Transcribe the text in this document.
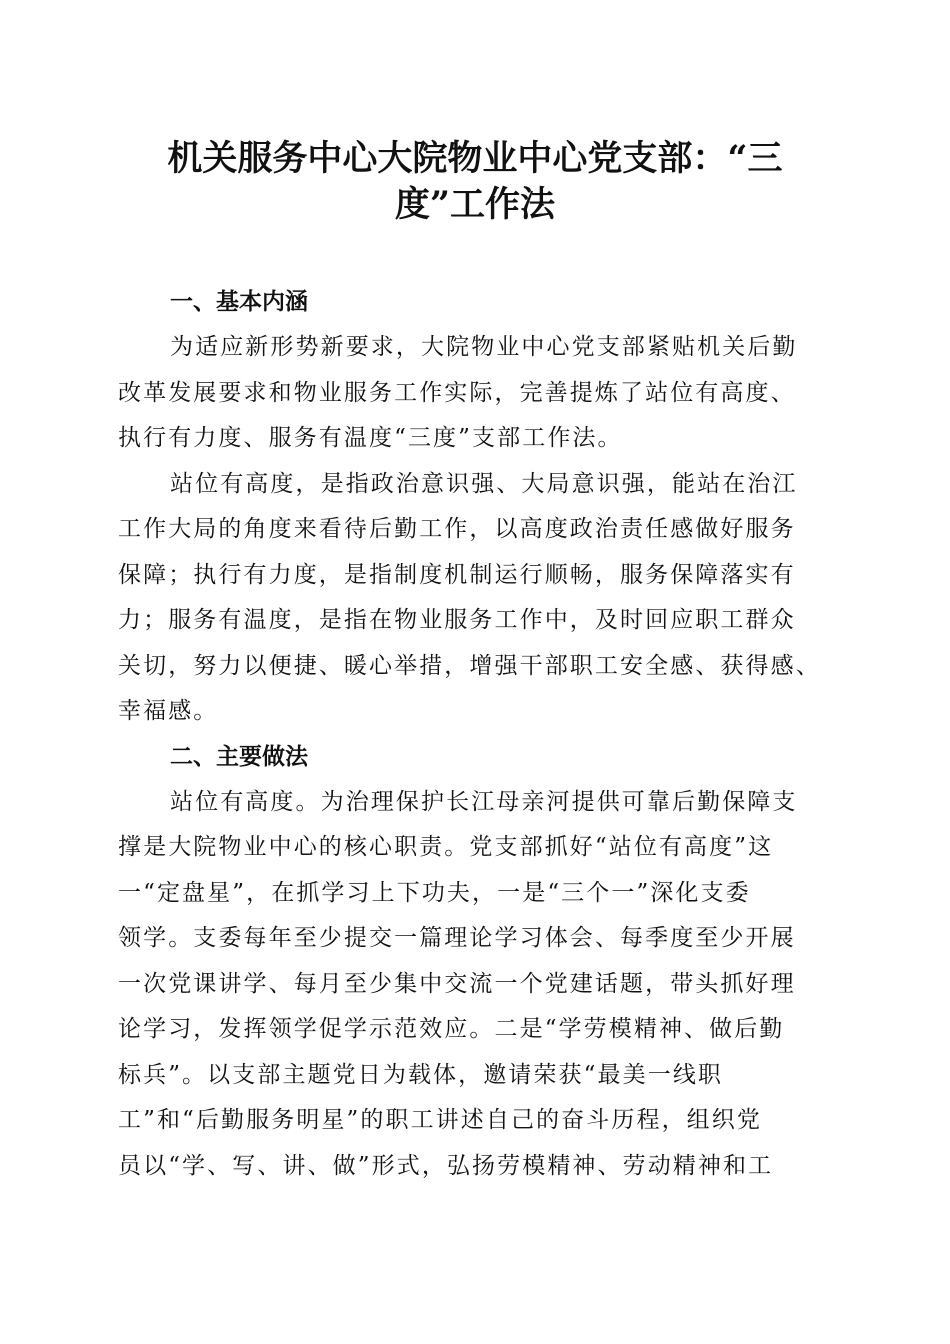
机关服务中心大院物业中心党支部：“三
度”工作法
一、基本内涵
为适应新形势新要求，大院物业中心党支部紧贴机关后勤
改革发展要求和物业服务工作实际，完善提炼了站位有高度、
执行有力度、服务有温度“三度”支部工作法。
站位有高度，是指政治意识强、大局意识强，能站在治江
工作大局的角度来看待后勤工作，以高度政治责任感做好服务
保障；执行有力度，是指制度机制运行顺畅，服务保障落实有
力；服务有温度，是指在物业服务工作中，及时回应职工群众
关切，努力以便捷、暖心举措，增强干部职工安全感、获得感、
幸福感。
二、主要做法
站位有高度。为治理保护长江母亲河提供可靠后勤保障支
撑是大院物业中心的核心职责。党支部抓好“站位有高度”这
一“定盘星”，在抓学习上下功夫，一是“三个一”深化支委
领学。支委每年至少提交一篇理论学习体会、每季度至少开展
一次党课讲学、每月至少集中交流一个党建话题，带头抓好理
论学习，发挥领学促学示范效应。二是“学劳模精神、做后勤
标兵”。以支部主题党日为载体，邀请荣获“最美一线职
工”和“后勤服务明星”的职工讲述自己的奋斗历程，组织党
员以“学、写、讲、做”形式，弘扬劳模精神、劳动精神和工
